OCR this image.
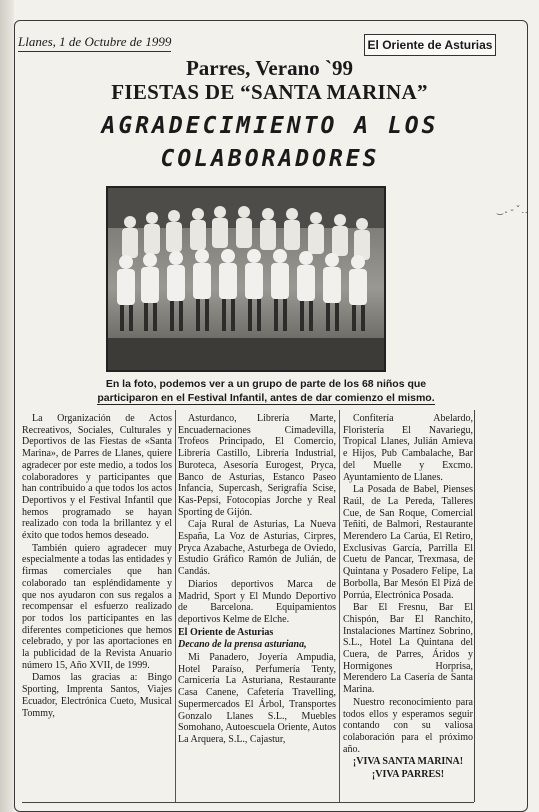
Llanes, 1 de Octubre de 1999	El Oriente de Asturias
Parres, Verano `99
FIESTAS DE “SANTA MARINA”
AGRADECIMIENTO A LOS
COLABORADORES
‿.-ˇ‥
En la foto, podemos ver a un grupo de parte de los 68 niños que
participaron en el Festival Infantil, antes de dar comienzo el mismo.

La Organización de Actos Recreativos, Sociales, Culturales y Deportivos de las Fiestas de «Santa Marina», de Parres de Llanes, quiere agradecer por este medio, a todos los colaboradores y participantes que han contribuido a que todos los actos Deportivos y el Festival Infantil que hemos programado se hayan realizado con toda la brillantez y el éxito que todos hemos deseado.

También quiero agradecer muy especialmente a todas las entidades y firmas comerciales que han colaborado tan espléndidamente y que nos ayudaron con sus regalos a recompensar el esfuerzo realizado por todos los participantes en las diferentes competiciones que hemos celebrado, y por las aportaciones en la publicidad de la Revista Anuario número 15, Año XVII, de 1999.

Damos las gracias a: Bingo Sporting, Imprenta Santos, Viajes Ecuador, Electrónica Cueto, Musical Tommy,

Asturdanco, Librería Marte, Encuadernaciones Cimadevilla, Trofeos Principado, El Comercio, Librería Castillo, Librería Industrial, Buroteca, Asesoría Eurogest, Pryca, Banco de Asturias, Estanco Paseo Infancia, Supercash, Serigrafía Scise, Kas-Pepsi, Fotocopias Jorche y Real Sporting de Gijón.

Caja Rural de Asturias, La Nueva España, La Voz de Asturias, Cirpres, Pryca Azabache, Asturbega de Oviedo, Estudio Gráfico Ramón de Julián, de Candás.

Diarios deportivos Marca de Madrid, Sport y El Mundo Deportivo de Barcelona. Equipamientos deportivos Kelme de Elche.

El Oriente de Asturias

Decano de la prensa asturiana,

Mi Panadero, Joyería Ampudia, Hotel Paraíso, Perfumería Tenty, Carnicería La Asturiana, Restaurante Casa Canene, Cafetería Travelling, Supermercados El Árbol, Transportes Gonzalo Llanes S.L., Muebles Somohano, Autoescuela Oriente, Autos La Arquera, S.L., Cajastur,

Confitería Abelardo, Floristería El Navariegu, Tropical Llanes, Julián Amieva e Hijos, Pub Cambalache, Bar del Muelle y Excmo. Ayuntamiento de Llanes.

La Posada de Babel, Pienses Raúl, de La Pereda, Talleres Cue, de San Roque, Comercial Teñiti, de Balmori, Restaurante Merendero La Carúa, El Retiro, Exclusivas García, Parrilla El Cuetu de Pancar, Trexmasa, de Quintana y Posadero Felipe, La Borbolla, Bar Mesón El Pizá de Porrúa, Electrónica Posada.

Bar El Fresnu, Bar El Chispón, Bar El Ranchito, Instalaciones Martínez Sobrino, S.L., Hotel La Quintana del Cuera, de Parres, Áridos y Hormigones Horprisa, Merendero La Casería de Santa Marina.

Nuestro reconocimiento para todos ellos y esperamos seguir contando con su valiosa colaboración para el próximo año.

¡VIVA SANTA MARINA!

¡VIVA PARRES!
